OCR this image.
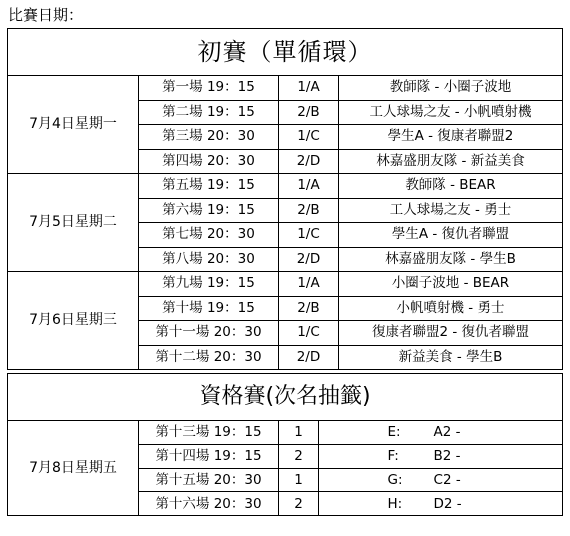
比賽日期：
初賽（單循環）			
7月4日星期一	第一場 19：15	1/A	教師隊 - 小圈子波地
	第二場 19：15	2/B	工人球場之友 - 小帆噴射機
	第三場 20：30	1/C	學生A - 復康者聯盟2
	第四場 20：30	2/D	林嘉盛朋友隊 - 新益美食
7月5日星期二	第五場 19：15	1/A	教師隊 - BEAR
	第六場 19：15	2/B	工人球場之友 - 勇士
	第七場 20：30	1/C	學生A - 復仇者聯盟
	第八場 20：30	2/D	林嘉盛朋友隊 - 學生B
7月6日星期三	第九場 19：15	1/A	小圈子波地 - BEAR
	第十場 19：15	2/B	小帆噴射機 - 勇士
	第十一場 20：30	1/C	復康者聯盟2 - 復仇者聯盟
	第十二場 20：30	2/D	新益美食 - 學生B
資格賽(次名抽籤)			
7月8日星期五	第十三場 19：15	1	E: A2 -
	第十四場 19：15	2	F: B2 -
	第十五場 20：30	1	G: C2 -
	第十六場 20：30	2	H: D2 -
